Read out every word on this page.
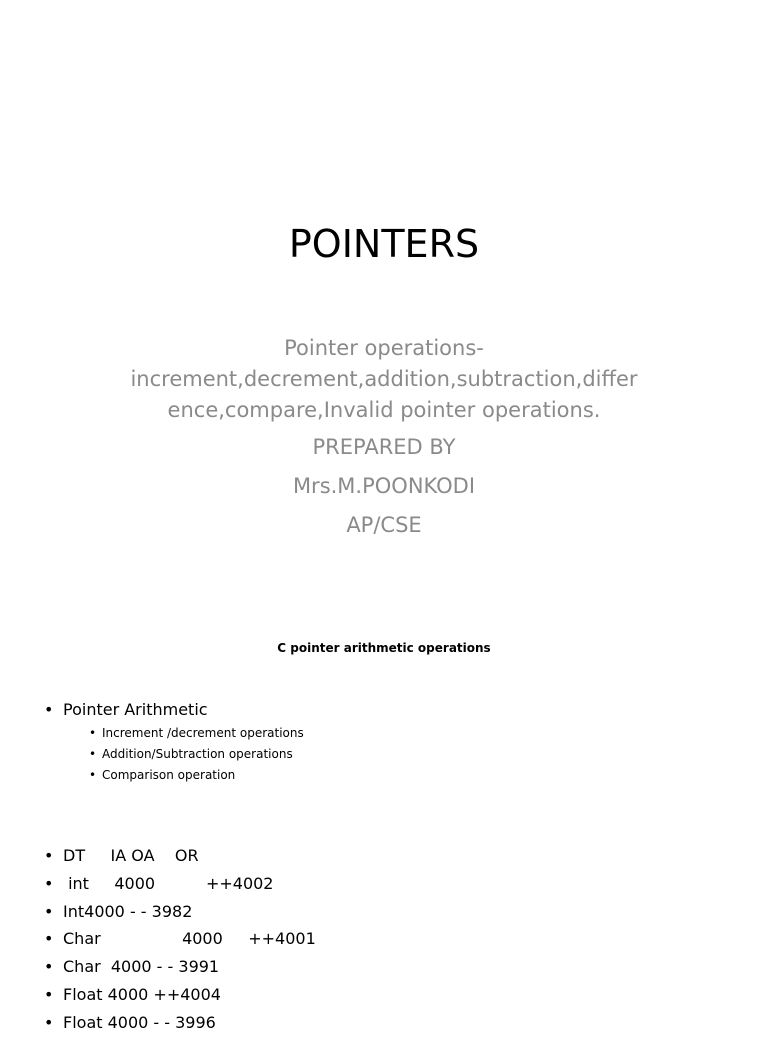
POINTERS
Pointer operations-
increment,decrement,addition,subtraction,differ
ence,compare,Invalid pointer operations.
PREPARED BY
Mrs.M.POONKODI
AP/CSE
C pointer arithmetic operations
• Pointer Arithmetic
• Increment /decrement operations
• Addition/Subtraction operations
• Comparison operation
• DT     IA OA    OR
•  int     4000          ++4002
• Int4000 - - 3982
• Char                4000     ++4001
• Char  4000 - - 3991
• Float 4000 ++4004
• Float 4000 - - 3996
